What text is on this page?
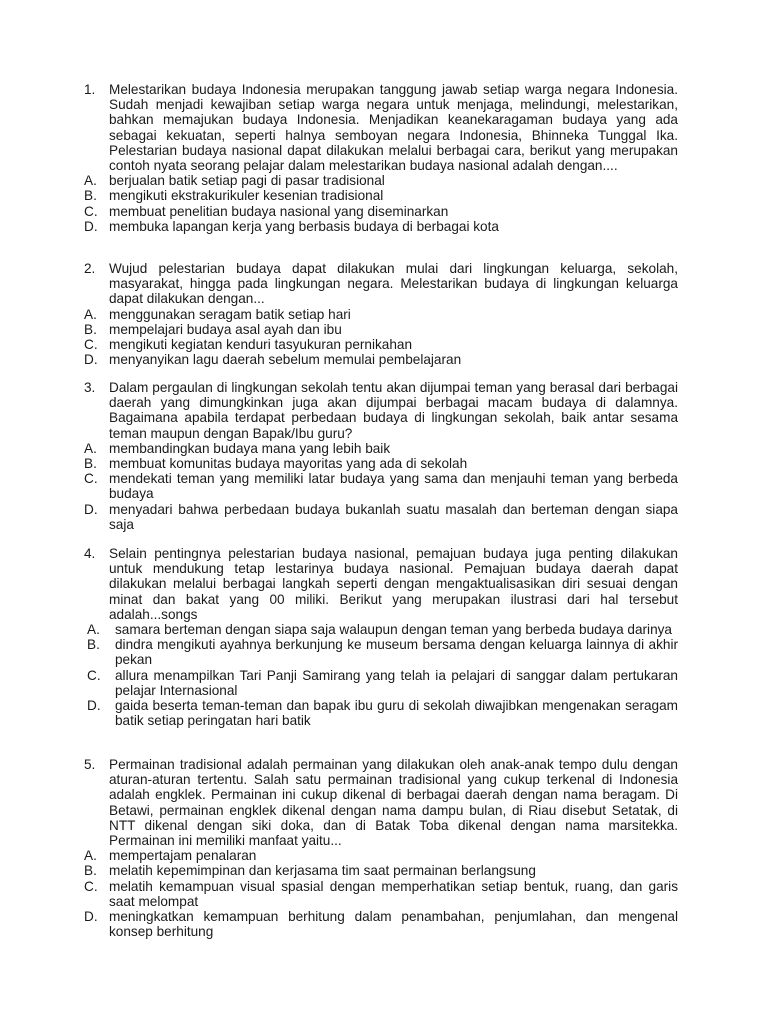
1.	Melestarikan budaya Indonesia merupakan tanggung jawab setiap warga negara Indonesia. Sudah menjadi kewajiban setiap warga negara untuk menjaga, melindungi, melestarikan, bahkan memajukan budaya Indonesia. Menjadikan keanekaragaman budaya yang ada sebagai kekuatan, seperti halnya semboyan negara Indonesia, Bhinneka Tunggal Ika. Pelestarian budaya nasional dapat dilakukan melalui berbagai cara, berikut yang merupakan contoh nyata seorang pelajar dalam melestarikan budaya nasional adalah dengan....
A. berjualan batik setiap pagi di pasar tradisional
B. mengikuti ekstrakurikuler kesenian tradisional
C. membuat penelitian budaya nasional yang diseminarkan
D. membuka lapangan kerja yang berbasis budaya di berbagai kota
2.	Wujud pelestarian budaya dapat dilakukan mulai dari lingkungan keluarga, sekolah, masyarakat, hingga pada lingkungan negara. Melestarikan budaya di lingkungan keluarga dapat dilakukan dengan...
A. menggunakan seragam batik setiap hari
B. mempelajari budaya asal ayah dan ibu
C. mengikuti kegiatan kenduri tasyukuran pernikahan
D. menyanyikan lagu daerah sebelum memulai pembelajaran
3.	Dalam pergaulan di lingkungan sekolah tentu akan dijumpai teman yang berasal dari berbagai daerah yang dimungkinkan juga akan dijumpai berbagai macam budaya di dalamnya. Bagaimana apabila terdapat perbedaan budaya di lingkungan sekolah, baik antar sesama teman maupun dengan Bapak/Ibu guru?
A. membandingkan budaya mana yang lebih baik
B. membuat komunitas budaya mayoritas yang ada di sekolah
C. mendekati teman yang memiliki latar budaya yang sama dan menjauhi teman yang berbeda budaya
D. menyadari bahwa perbedaan budaya bukanlah suatu masalah dan berteman dengan siapa saja
4.	Selain pentingnya pelestarian budaya nasional, pemajuan budaya juga penting dilakukan untuk mendukung tetap lestarinya budaya nasional. Pemajuan budaya daerah dapat dilakukan melalui berbagai langkah seperti dengan mengaktualisasikan diri sesuai dengan minat dan bakat yang 00 miliki. Berikut yang merupakan ilustrasi dari hal tersebut adalah...songs
A.	samara berteman dengan siapa saja walaupun dengan teman yang berbeda budaya darinya
B.	dindra mengikuti ayahnya berkunjung ke museum bersama dengan keluarga lainnya di akhir pekan
C.	allura menampilkan Tari Panji Samirang yang telah ia pelajari di sanggar dalam pertukaran pelajar Internasional
D.	gaida beserta teman-teman dan bapak ibu guru di sekolah diwajibkan mengenakan seragam batik setiap peringatan hari batik
5.	Permainan tradisional adalah permainan yang dilakukan oleh anak-anak tempo dulu dengan aturan-aturan tertentu. Salah satu permainan tradisional yang cukup terkenal di Indonesia adalah engklek. Permainan ini cukup dikenal di berbagai daerah dengan nama beragam. Di Betawi, permainan engklek dikenal dengan nama dampu bulan, di Riau disebut Setatak, di NTT dikenal dengan siki doka, dan di Batak Toba dikenal dengan nama marsitekka. Permainan ini memiliki manfaat yaitu...
A. mempertajam penalaran
B. melatih kepemimpinan dan kerjasama tim saat permainan berlangsung
C. melatih kemampuan visual spasial dengan memperhatikan setiap bentuk, ruang, dan garis saat melompat
D. meningkatkan kemampuan berhitung dalam penambahan, penjumlahan, dan mengenal konsep berhitung
